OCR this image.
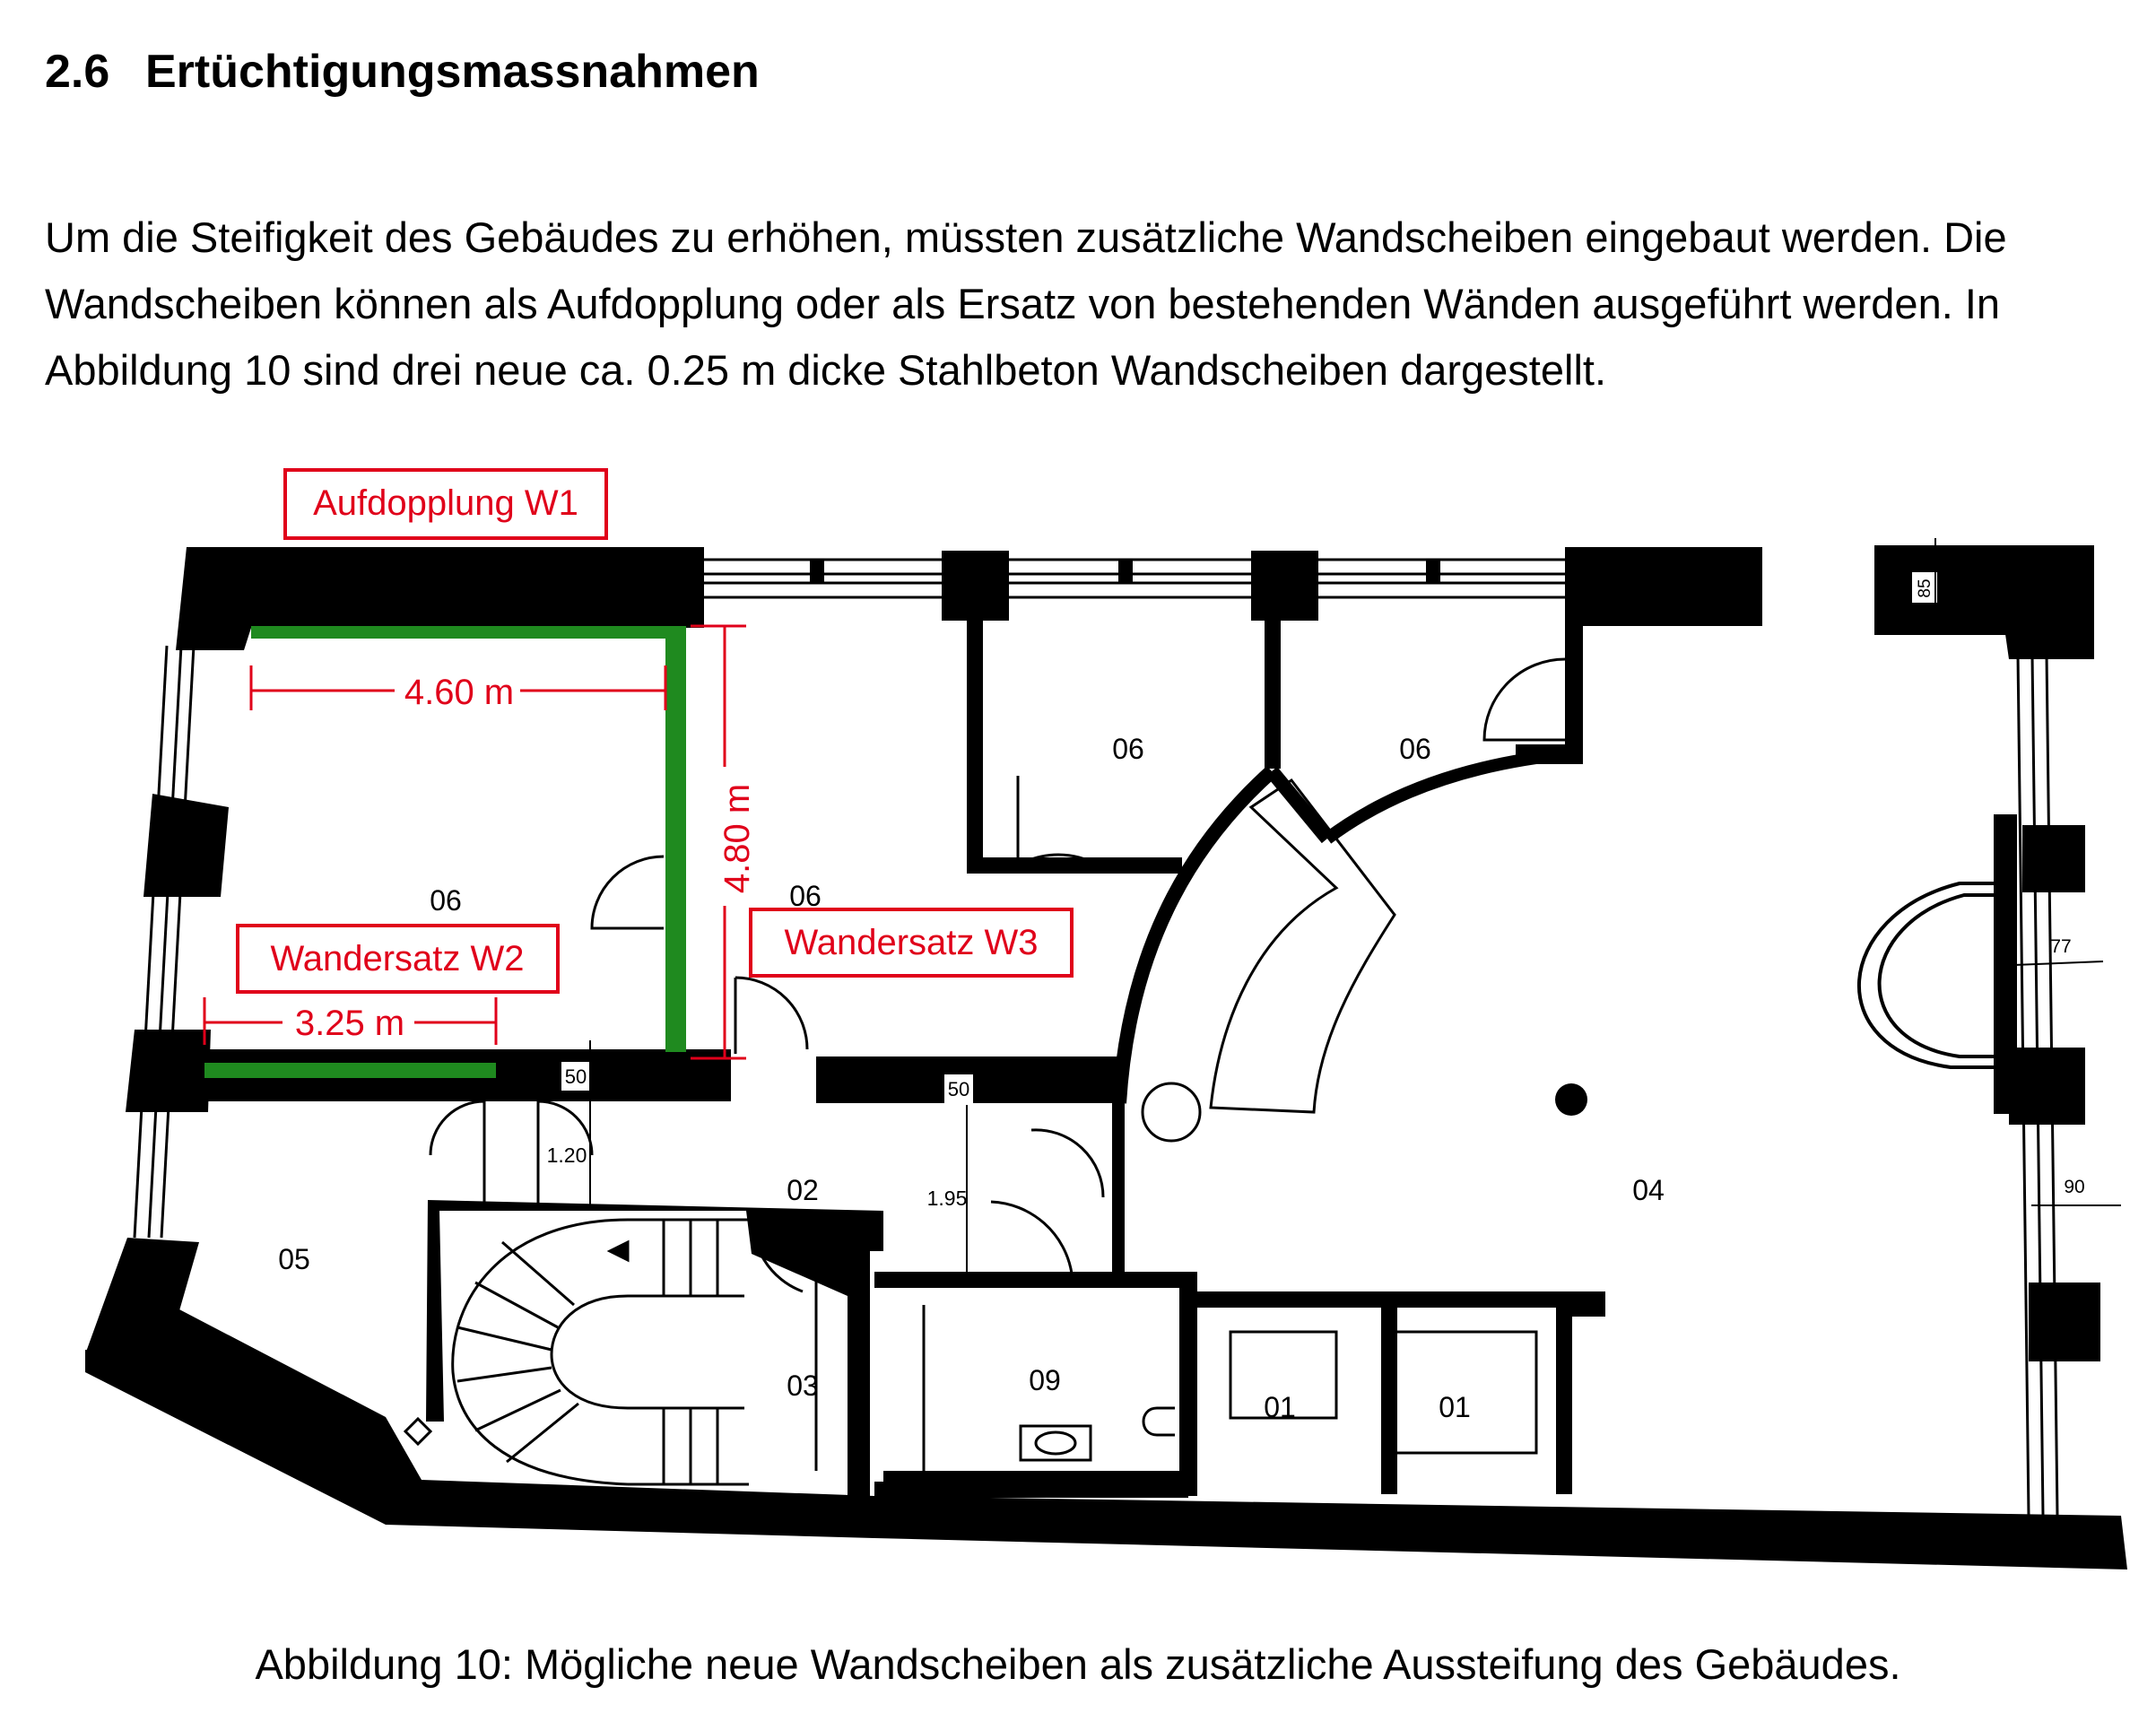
2.6 Ertüchtigungsmassnahmen

Um die Steifigkeit des Gebäudes zu erhöhen, müssten zusätzliche Wandscheiben eingebaut werden. Die
Wandscheiben können als Aufdopplung oder als Ersatz von bestehenden Wänden ausgeführt werden. In
Abbildung 10 sind drei neue ca. 0.25 m dicke Stahlbeton Wandscheiben dargestellt.

Aufdopplung W1
Wandersatz W2	Wandersatz W3
4.60 m
4.80 m
3.25 m
06	06
06	06
02
05
03	09
01	01
04
50
50
1.20
1.95
77
90
85
Abbildung 10: Mögliche neue Wandscheiben als zusätzliche Aussteifung des Gebäudes.
